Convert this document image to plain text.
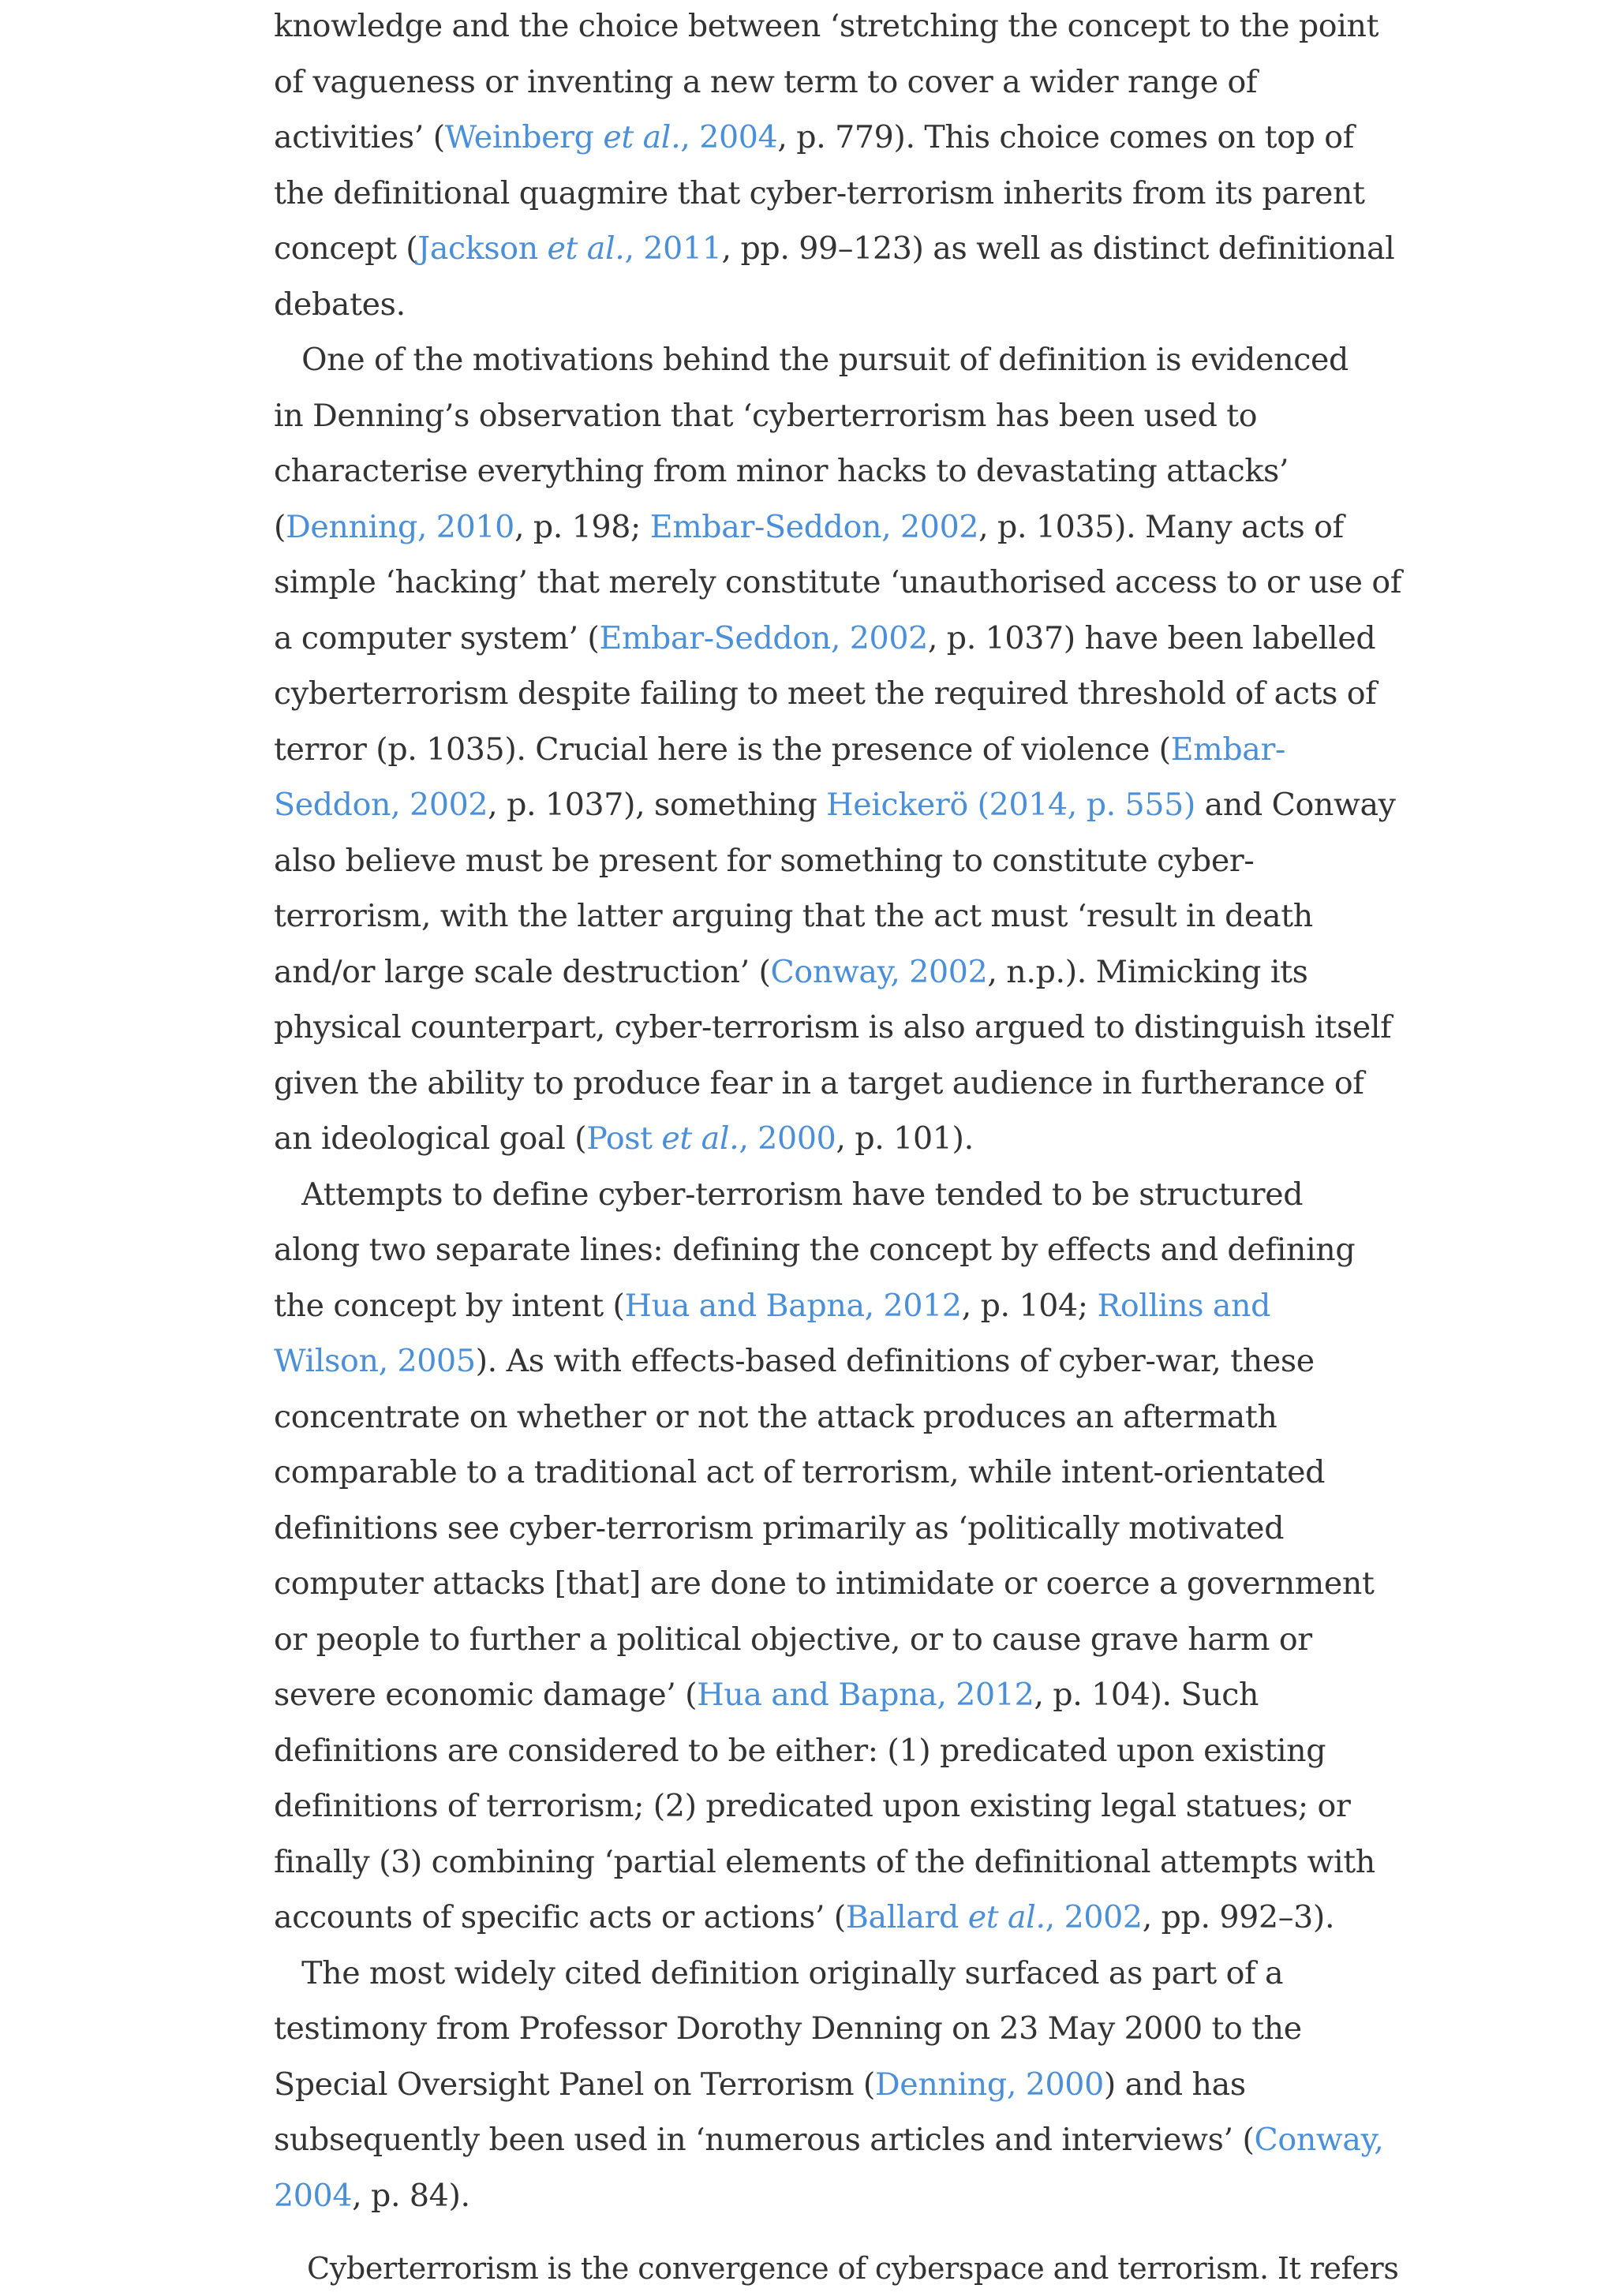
knowledge and the choice between ‘stretching the concept to the point
of vagueness or inventing a new term to cover a wider range of
activities’ (Weinberg et al., 2004, p. 779). This choice comes on top of
the definitional quagmire that cyber-terrorism inherits from its parent
concept (Jackson et al., 2011, pp. 99–123) as well as distinct definitional
debates.
One of the motivations behind the pursuit of definition is evidenced
in Denning’s observation that ‘cyberterrorism has been used to
characterise everything from minor hacks to devastating attacks’
(Denning, 2010, p. 198; Embar-Seddon, 2002, p. 1035). Many acts of
simple ‘hacking’ that merely constitute ‘unauthorised access to or use of
a computer system’ (Embar-Seddon, 2002, p. 1037) have been labelled
cyberterrorism despite failing to meet the required threshold of acts of
terror (p. 1035). Crucial here is the presence of violence (Embar-
Seddon, 2002, p. 1037), something Heickerö (2014, p. 555) and Conway
also believe must be present for something to constitute cyber-
terrorism, with the latter arguing that the act must ‘result in death
and/or large scale destruction’ (Conway, 2002, n.p.). Mimicking its
physical counterpart, cyber-terrorism is also argued to distinguish itself
given the ability to produce fear in a target audience in furtherance of
an ideological goal (Post et al., 2000, p. 101).
Attempts to define cyber-terrorism have tended to be structured
along two separate lines: defining the concept by effects and defining
the concept by intent (Hua and Bapna, 2012, p. 104; Rollins and
Wilson, 2005). As with effects-based definitions of cyber-war, these
concentrate on whether or not the attack produces an aftermath
comparable to a traditional act of terrorism, while intent-orientated
definitions see cyber-terrorism primarily as ‘politically motivated
computer attacks [that] are done to intimidate or coerce a government
or people to further a political objective, or to cause grave harm or
severe economic damage’ (Hua and Bapna, 2012, p. 104). Such
definitions are considered to be either: (1) predicated upon existing
definitions of terrorism; (2) predicated upon existing legal statues; or
finally (3) combining ‘partial elements of the definitional attempts with
accounts of specific acts or actions’ (Ballard et al., 2002, pp. 992–3).
The most widely cited definition originally surfaced as part of a
testimony from Professor Dorothy Denning on 23 May 2000 to the
Special Oversight Panel on Terrorism (Denning, 2000) and has
subsequently been used in ‘numerous articles and interviews’ (Conway,
2004, p. 84).
Cyberterrorism is the convergence of cyberspace and terrorism. It refers
